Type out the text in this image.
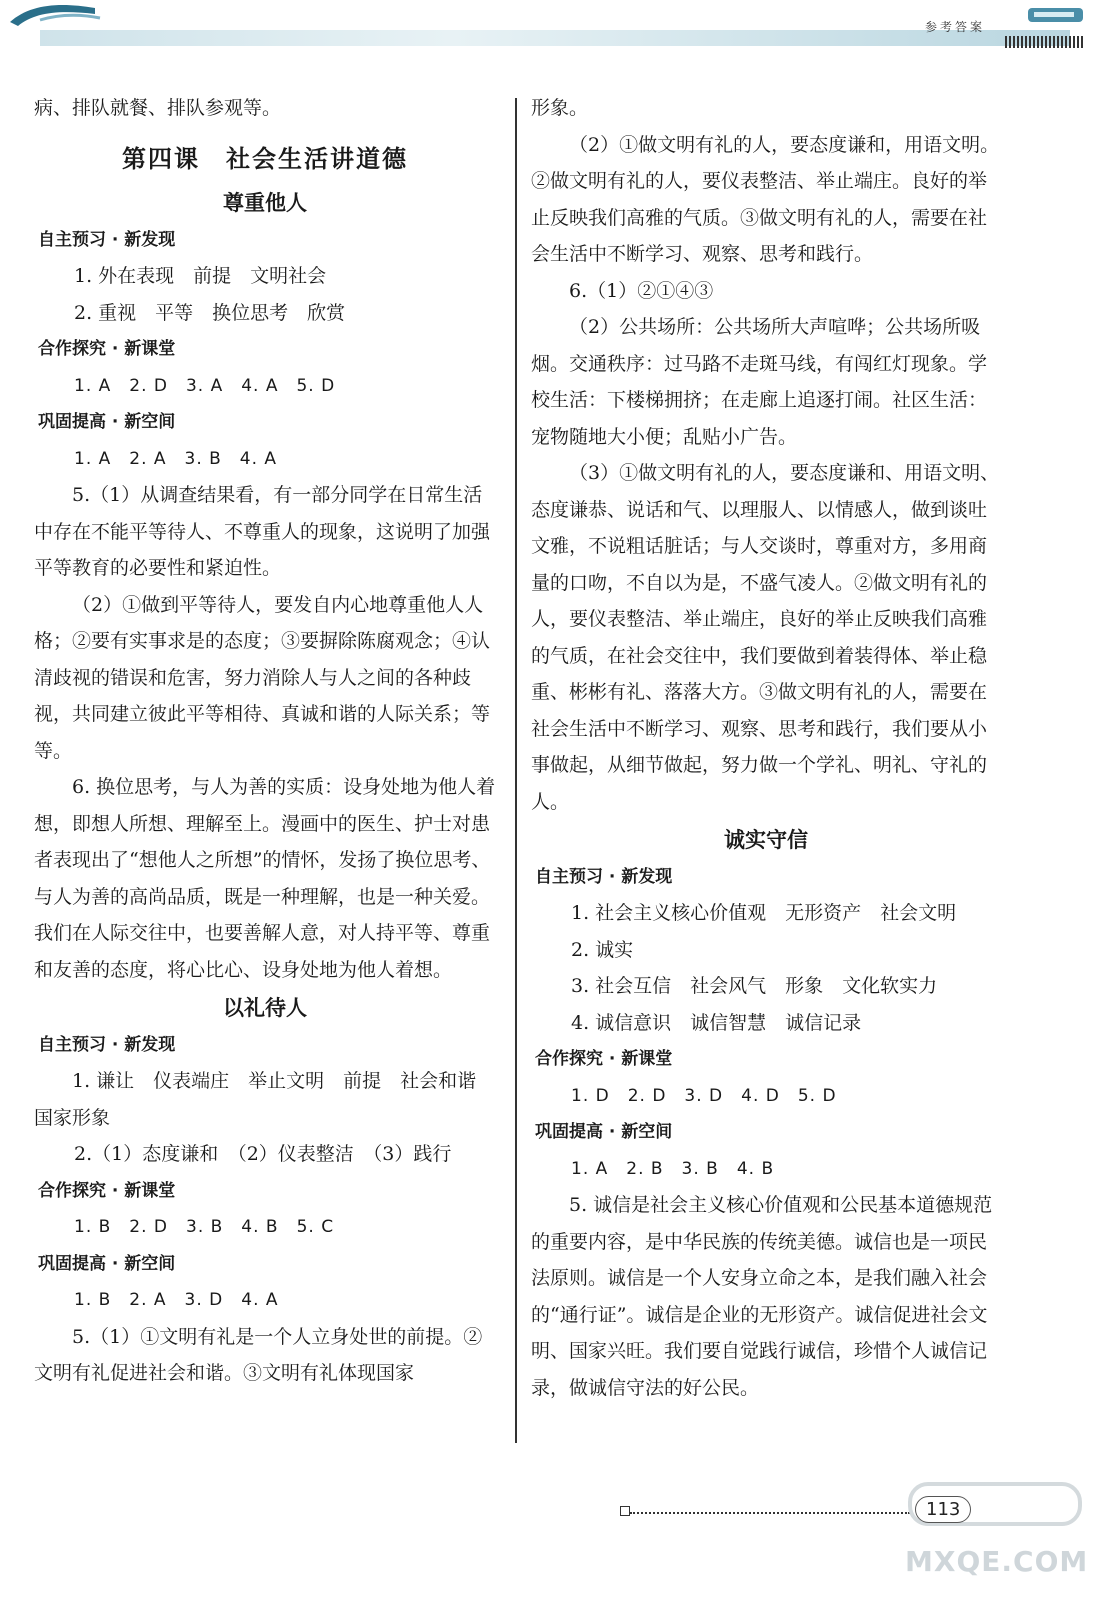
参考答案

病、排队就餐、排队参观等。

第四课　社会生活讲道德
尊重他人
自主预习 · 新发现

1. 外在表现　前提　文明社会

2. 重视　平等　换位思考　欣赏

合作探究 · 新课堂

1. A　2. D　3. A　4. A　5. D

巩固提高 · 新空间

1. A　2. A　3. B　4. A

5.（1）从调查结果看，有一部分同学在日常生活中存在不能平等待人、不尊重人的现象，这说明了加强平等教育的必要性和紧迫性。

（2）①做到平等待人，要发自内心地尊重他人人格；②要有实事求是的态度；③要摒除陈腐观念；④认清歧视的错误和危害，努力消除人与人之间的各种歧视，共同建立彼此平等相待、真诚和谐的人际关系；等等。

6. 换位思考，与人为善的实质：设身处地为他人着想，即想人所想、理解至上。漫画中的医生、护士对患者表现出了“想他人之所想”的情怀，发扬了换位思考、与人为善的高尚品质，既是一种理解，也是一种关爱。我们在人际交往中，也要善解人意，对人持平等、尊重和友善的态度，将心比心、设身处地为他人着想。

以礼待人
自主预习 · 新发现

1. 谦让　仪表端庄　举止文明　前提　社会和谐　国家形象

2.（1）态度谦和　（2）仪表整洁　（3）践行

合作探究 · 新课堂

1. B　2. D　3. B　4. B　5. C

巩固提高 · 新空间

1. B　2. A　3. D　4. A

5.（1）①文明有礼是一个人立身处世的前提。②文明有礼促进社会和谐。③文明有礼体现国家

形象。

（2）①做文明有礼的人，要态度谦和，用语文明。②做文明有礼的人，要仪表整洁、举止端庄。良好的举止反映我们高雅的气质。③做文明有礼的人，需要在社会生活中不断学习、观察、思考和践行。

6.（1）②①④③

（2）公共场所：公共场所大声喧哗；公共场所吸烟。交通秩序：过马路不走斑马线，有闯红灯现象。学校生活：下楼梯拥挤；在走廊上追逐打闹。社区生活：宠物随地大小便；乱贴小广告。

（3）①做文明有礼的人，要态度谦和、用语文明、态度谦恭、说话和气、以理服人、以情感人，做到谈吐文雅，不说粗话脏话；与人交谈时，尊重对方，多用商量的口吻，不自以为是，不盛气凌人。②做文明有礼的人，要仪表整洁、举止端庄，良好的举止反映我们高雅的气质，在社会交往中，我们要做到着装得体、举止稳重、彬彬有礼、落落大方。③做文明有礼的人，需要在社会生活中不断学习、观察、思考和践行，我们要从小事做起，从细节做起，努力做一个学礼、明礼、守礼的人。

诚实守信
自主预习 · 新发现

1. 社会主义核心价值观　无形资产　社会文明

2. 诚实

3. 社会互信　社会风气　形象　文化软实力

4. 诚信意识　诚信智慧　诚信记录

合作探究 · 新课堂

1. D　2. D　3. D　4. D　5. D

巩固提高 · 新空间

1. A　2. B　3. B　4. B

5. 诚信是社会主义核心价值观和公民基本道德规范的重要内容，是中华民族的传统美德。诚信也是一项民法原则。诚信是一个人安身立命之本，是我们融入社会的“通行证”。诚信是企业的无形资产。诚信促进社会文明、国家兴旺。我们要自觉践行诚信，珍惜个人诚信记录，做诚信守法的好公民。

113
MXQE.COM
